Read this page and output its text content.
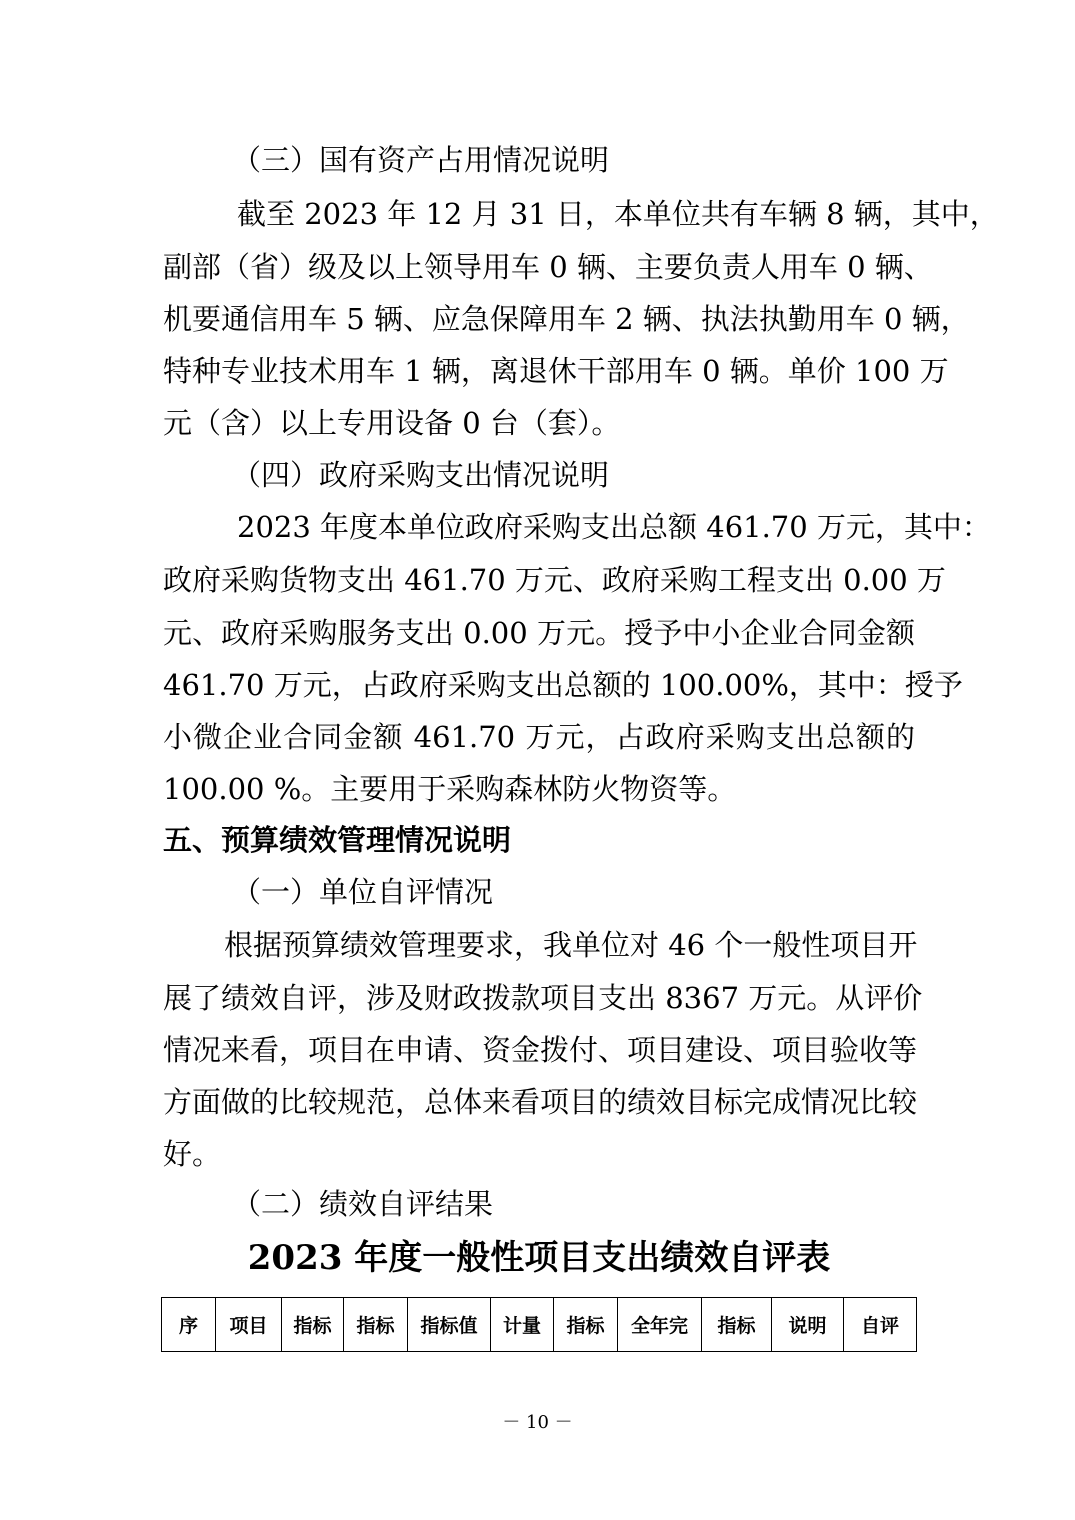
（三）国有资产占用情况说明
截至 2023 年 12 月 31 日，本单位共有车辆 8 辆，其中，
副部（省）级及以上领导用车 0 辆、主要负责人用车 0 辆、
机要通信用车 5 辆、应急保障用车 2 辆、执法执勤用车 0 辆，
特种专业技术用车 1 辆，离退休干部用车 0 辆。单价 100 万
元（含）以上专用设备 0 台（套）。
（四）政府采购支出情况说明
2023 年度本单位政府采购支出总额 461.70 万元，其中：
政府采购货物支出 461.70 万元、政府采购工程支出 0.00 万
元、政府采购服务支出 0.00 万元。授予中小企业合同金额
461.70 万元，占政府采购支出总额的 100.00%，其中：授予
小微企业合同金额 461.70 万元，占政府采购支出总额的
100.00 %。主要用于采购森林防火物资等。
五、预算绩效管理情况说明
（一）单位自评情况
根据预算绩效管理要求，我单位对 46 个一般性项目开
展了绩效自评，涉及财政拨款项目支出 8367 万元。从评价
情况来看，项目在申请、资金拨付、项目建设、项目验收等
方面做的比较规范，总体来看项目的绩效目标完成情况比较
好。
（二）绩效自评结果
2023 年度一般性项目支出绩效自评表
序	项目	指标	指标	指标值	计量	指标	全年完	指标	说明	自评
－ 10 －
